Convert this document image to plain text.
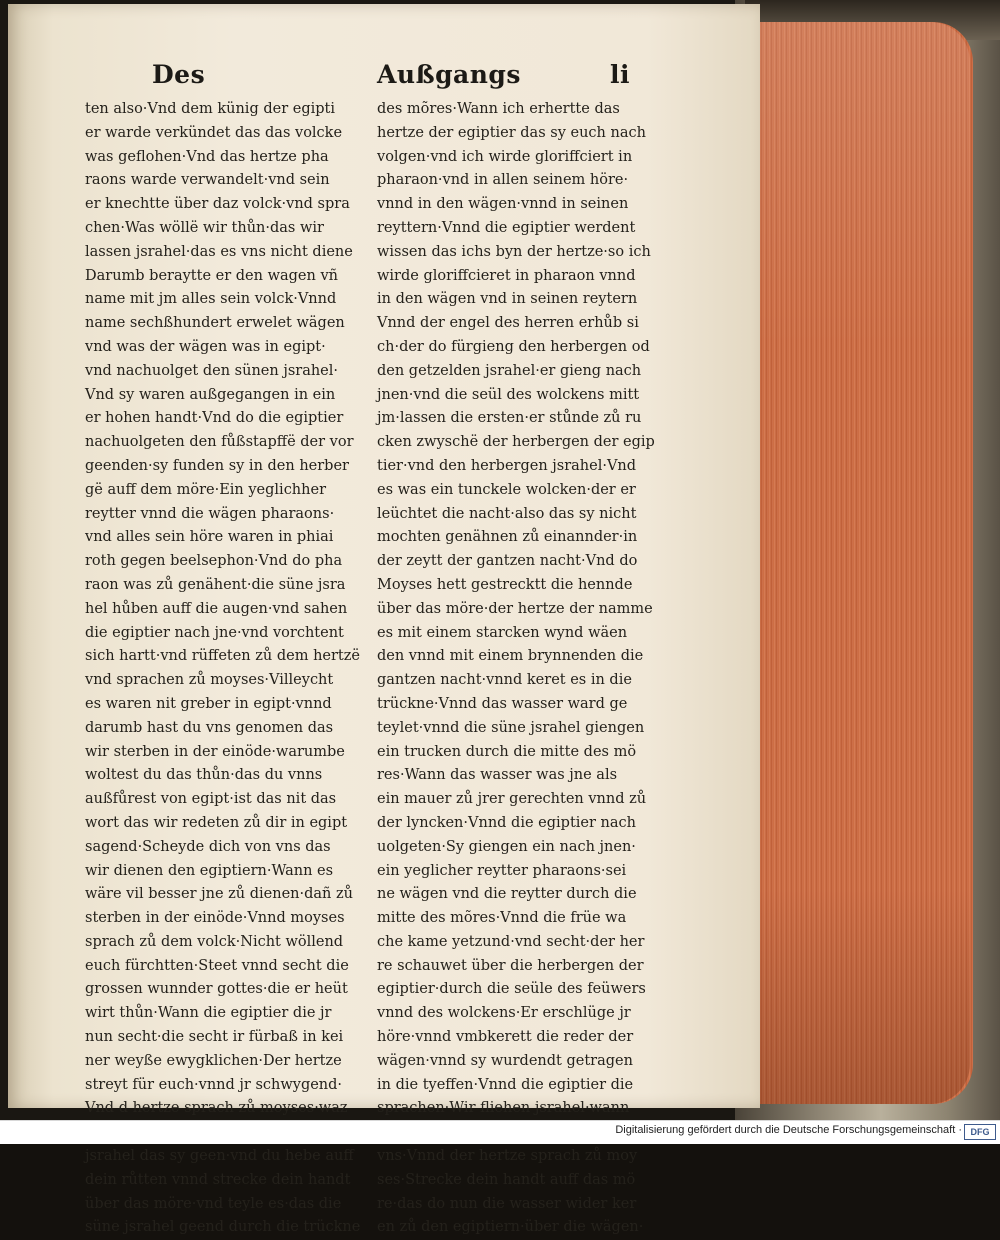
Des	Außgangs	li
ten also·Vnd dem künig der egipti
er warde verkündet das das volcke
was geflohen·Vnd das hertze pha
raons warde verwandelt·vnd sein
er knechtte über daz volck·vnd spra
chen·Was wöllë wir thůn·das wir
lassen jsrahel·das es vns nicht diene
Darumb beraytte er den wagen vñ
name mit jm alles sein volck·Vnnd
name sechßhundert erwelet wägen
vnd was der wägen was in egipt·
vnd nachuolget den sünen jsrahel·
Vnd sy waren außgegangen in ein
er hohen handt·Vnd do die egiptier
nachuolgeten den fůßstapffë der vor
geenden·sy funden sy in den herber
gë auff dem möre·Ein yeglichher
reytter vnnd die wägen pharaons·
vnd alles sein höre waren in phiai
roth gegen beelsephon·Vnd do pha
raon was zů genähent·die süne jsra
hel hůben auff die augen·vnd sahen
die egiptier nach jne·vnd vorchtent
sich hartt·vnd rüffeten zů dem hertzë
vnd sprachen zů moyses·Villeycht
es waren nit greber in egipt·vnnd
darumb hast du vns genomen das
wir sterben in der einöde·warumbe
woltest du das thůn·das du vnns
außfůrest von egipt·ist das nit das
wort das wir redeten zů dir in egipt
sagend·Scheyde dich von vns das
wir dienen den egiptiern·Wann es
wäre vil besser jne zů dienen·dañ zů
sterben in der einöde·Vnnd moyses
sprach zů dem volck·Nicht wöllend
euch fürchtten·Steet vnnd secht die
grossen wunnder gottes·die er heüt
wirt thůn·Wann die egiptier die jr
nun secht·die secht ir fürbaß in kei
ner weyße ewygklichen·Der hertze
streyt für euch·vnnd jr schwygend·
Vnd d hertze sprach zů moyses·waz
jsrahel das sy geen·vnd du hebe auff
dein růtten vnnd strecke dein handt
über das möre·vnd teyle es·das die
süne jsrahel geend durch die trückne
des mõres·Wann ich erhertte das
hertze der egiptier das sy euch nach
volgen·vnd ich wirde gloriffciert in
pharaon·vnd in allen seinem höre·
vnnd in den wägen·vnnd in seinen
reyttern·Vnnd die egiptier werdent
wissen das ichs byn der hertze·so ich
wirde gloriffcieret in pharaon vnnd
in den wägen vnd in seinen reytern
Vnnd der engel des herren erhůb si
ch·der do fürgieng den herbergen od
den getzelden jsrahel·er gieng nach
jnen·vnd die seül des wolckens mitt
jm·lassen die ersten·er stůnde zů ru
cken zwyschë der herbergen der egip
tier·vnd den herbergen jsrahel·Vnd
es was ein tunckele wolcken·der er
leüchtet die nacht·also das sy nicht
mochten genähnen zů einannder·in
der zeytt der gantzen nacht·Vnd do
Moyses hett gestrecktt die hennde
über das möre·der hertze der namme
es mit einem starcken wynd wäen
den vnnd mit einem brynnenden die
gantzen nacht·vnnd keret es in die
trückne·Vnnd das wasser ward ge
teylet·vnnd die süne jsrahel giengen
ein trucken durch die mitte des mö
res·Wann das wasser was jne als
ein mauer zů jrer gerechten vnnd zů
der lyncken·Vnnd die egiptier nach
uolgeten·Sy giengen ein nach jnen·
ein yeglicher reytter pharaons·sei
ne wägen vnd die reytter durch die
mitte des mõres·Vnnd die früe wa
che kame yetzund·vnd secht·der her
re schauwet über die herbergen der
egiptier·durch die seüle des feüwers
vnnd des wolckens·Er erschlüge jr
höre·vnnd vmbkerett die reder der
wägen·vnnd sy wurdendt getragen
in die tyeffen·Vnnd die egiptier die
sprachen·Wir fliehen jsrahel·wann
vns·Vnnd der hertze sprach zů moy
ses·Strecke dein handt auff das mö
re·das do nun die wasser wider ker
en zů den egiptiern·über die wägen·
Digitalisierung gefördert durch die Deutsche Forschungsgemeinschaft · DFG
